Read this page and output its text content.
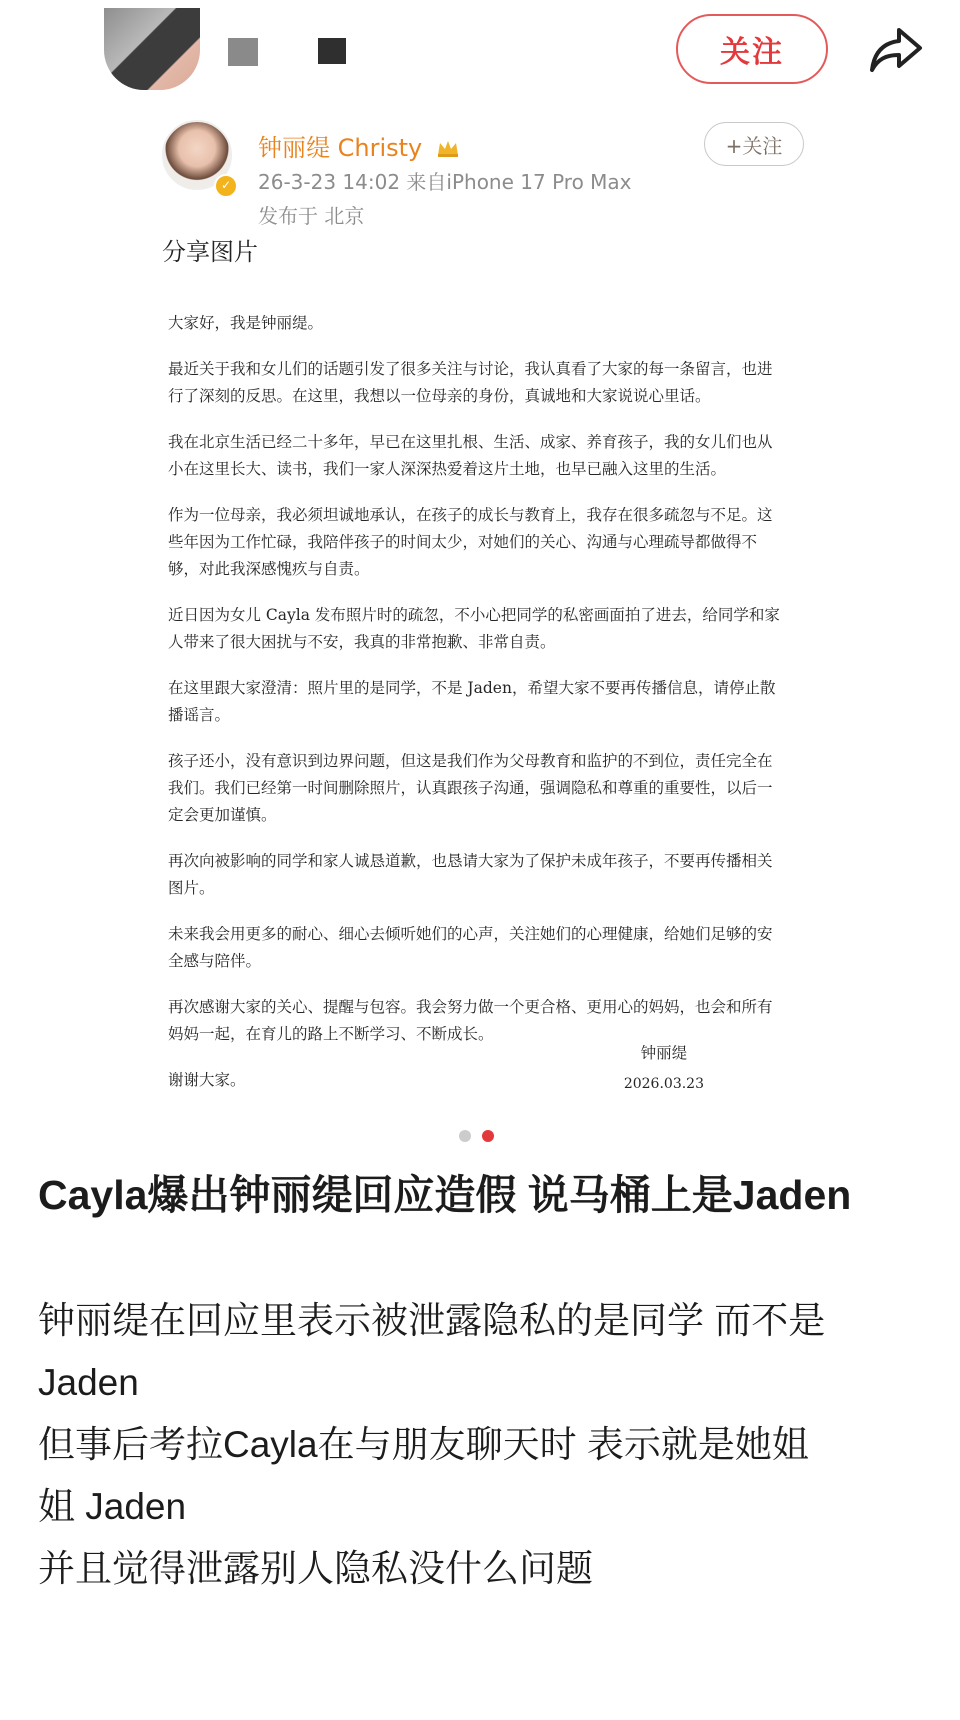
关注
✓
钟丽缇 Christy
26-3-23 14:02 来自iPhone 17 Pro Max
发布于 北京
+关注
分享图片

大家好，我是钟丽缇。

最近关于我和女儿们的话题引发了很多关注与讨论，我认真看了大家的每一条留言，也进行了深刻的反思。在这里，我想以一位母亲的身份，真诚地和大家说说心里话。

我在北京生活已经二十多年，早已在这里扎根、生活、成家、养育孩子，我的女儿们也从小在这里长大、读书，我们一家人深深热爱着这片土地，也早已融入这里的生活。

作为一位母亲，我必须坦诚地承认，在孩子的成长与教育上，我存在很多疏忽与不足。这些年因为工作忙碌，我陪伴孩子的时间太少，对她们的关心、沟通与心理疏导都做得不够，对此我深感愧疚与自责。

近日因为女儿 Cayla 发布照片时的疏忽，不小心把同学的私密画面拍了进去，给同学和家人带来了很大困扰与不安，我真的非常抱歉、非常自责。

在这里跟大家澄清：照片里的是同学，不是 Jaden，希望大家不要再传播信息，请停止散播谣言。

孩子还小，没有意识到边界问题，但这是我们作为父母教育和监护的不到位，责任完全在我们。我们已经第一时间删除照片，认真跟孩子沟通，强调隐私和尊重的重要性，以后一定会更加谨慎。

再次向被影响的同学和家人诚恳道歉，也恳请大家为了保护未成年孩子，不要再传播相关图片。

未来我会用更多的耐心、细心去倾听她们的心声，关注她们的心理健康，给她们足够的安全感与陪伴。

再次感谢大家的关心、提醒与包容。我会努力做一个更合格、更用心的妈妈，也会和所有妈妈一起，在育儿的路上不断学习、不断成长。

谢谢大家。

钟丽缇
2026.03.23
Cayla爆出钟丽缇回应造假 说马桶上是Jaden
钟丽缇在回应里表示被泄露隐私的是同学 而不是
Jaden
但事后考拉Cayla在与朋友聊天时 表示就是她姐
姐 Jaden
并且觉得泄露别人隐私没什么问题
